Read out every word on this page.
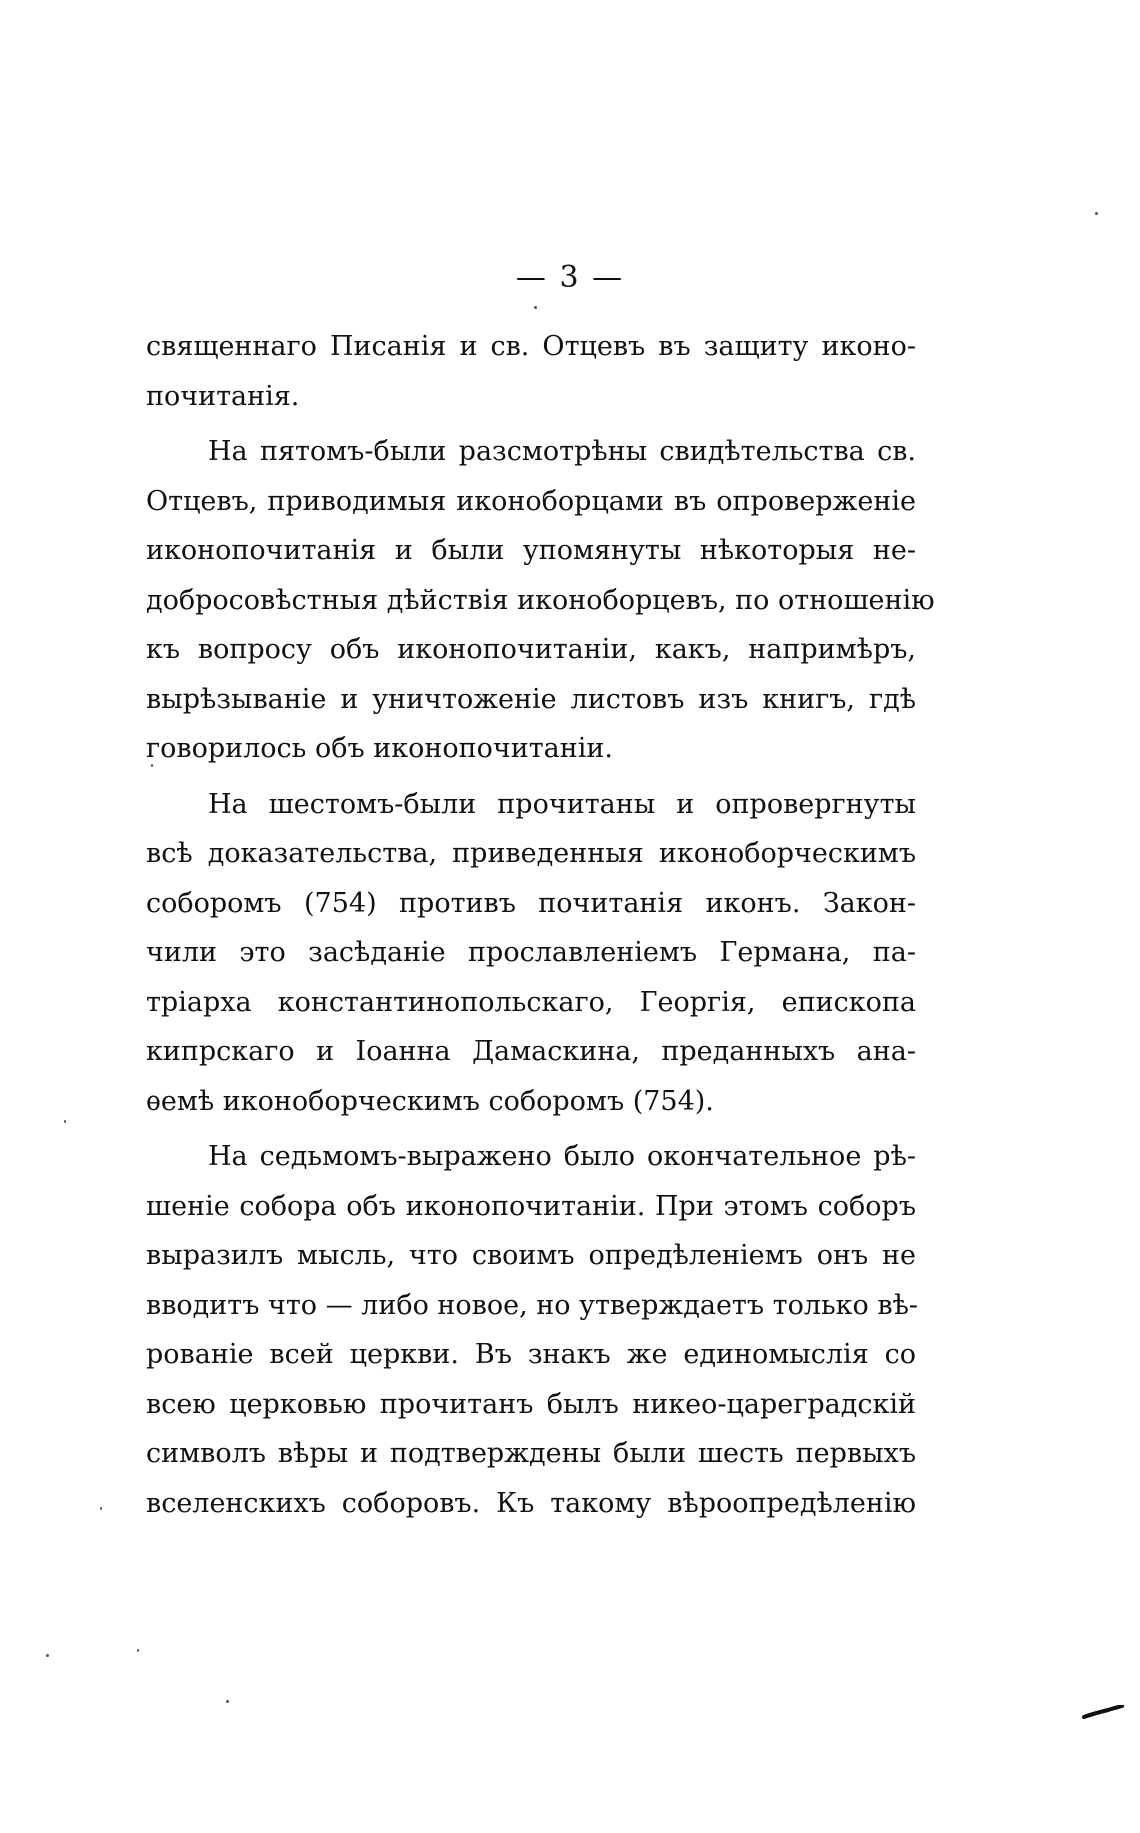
— 3 —
священнаго Писанія и св. Отцевъ въ защиту иконо-
почитанія.
На пятомъ-были разсмотрѣны свидѣтельства св.
Отцевъ, приводимыя иконоборцами въ опроверженіе
иконопочитанія и были упомянуты нѣкоторыя не-
добросовѣстныя дѣйствія иконоборцевъ, по отношенію
къ вопросу объ иконопочитаніи, какъ, напримѣръ,
вырѣзываніе и уничтоженіе листовъ изъ книгъ, гдѣ
говорилось объ иконопочитаніи.
На шестомъ-были прочитаны и опровергнуты
всѣ доказательства, приведенныя иконоборческимъ
соборомъ (754) противъ почитанія иконъ. Закон-
чили это засѣданіе прославленіемъ Германа, па-
тріарха константинопольскаго, Георгія, епископа
кипрскаго и Іоанна Дамаскина, преданныхъ ана-
ѳемѣ иконоборческимъ соборомъ (754).
На седьмомъ-выражено было окончательное рѣ-
шеніе собора объ иконопочитаніи. При этомъ соборъ
выразилъ мысль, что своимъ опредѣленіемъ онъ не
вводитъ что — либо новое, но утверждаетъ только вѣ-
рованіе всей церкви. Въ знакъ же единомыслія со
всею церковью прочитанъ былъ никео-цареградскій
символъ вѣры и подтверждены были шесть первыхъ
вселенскихъ соборовъ. Къ такому вѣроопредѣленію
